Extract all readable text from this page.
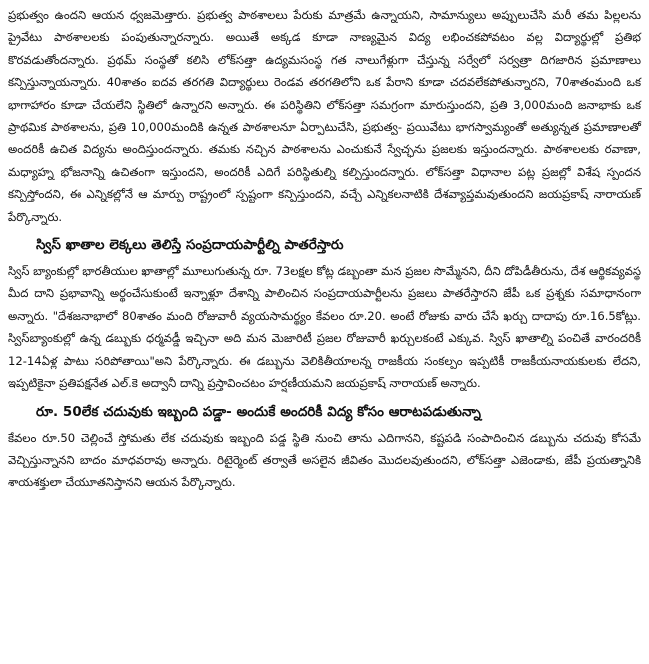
ప్రభుత్వం ఉందని ఆయన ధ్వజమెత్తారు. ప్రభుత్వ పాఠశాలలు పేరుకు మాత్రమే ఉన్నాయని, సామాన్యులు అప్పులుచేసి మరీ తమ పిల్లలను ప్రైవేటు పాఠశాలలకు పంపుతున్నారన్నారు. అయితే అక్కడ కూడా నాణ్యమైన విద్య లభించకపోవటం వల్ల విద్యార్థుల్లో ప్రతిభ కొరవడుతోందన్నారు. ప్రథమ్ సంస్థతో కలిసి లోక్‌సత్తా ఉద్యమసంస్థ గత నాలుగేళ్లుగా చేస్తున్న సర్వేలో సర్వత్రా దిగజారిన ప్రమాణాలు కన్పిస్తున్నాయన్నారు. 40శాతం ఐదవ తరగతి విద్యార్థులు రెండవ తరగతిలోని ఒక పేరాని కూడా చదవలేకపోతున్నారని, 70శాతంమంది ఒక భాగాహారం కూడా చేయలేని స్థితిలో ఉన్నారని అన్నారు. ఈ పరిస్థితిని లోక్‌సత్తా సమగ్రంగా మారుస్తుందని, ప్రతి 3,000మంది జనాభాకు ఒక ప్రాథమిక పాఠశాలను, ప్రతి 10,000మందికి ఉన్నత పాఠశాలనూ ఏర్పాటుచేసి, ప్రభుత్వ- ప్రయివేటు భాగస్వామ్యంతో అత్యున్నత ప్రమాణాలతో అందరికీ ఉచిత విద్యను అందిస్తుందన్నారు. తమకు నచ్చిన పాఠశాలను ఎంచుకునే స్వేచ్ఛను ప్రజలకు ఇస్తుందన్నారు. పాఠశాలలకు రవాణా, మధ్యాహ్న భోజనాన్ని ఉచితంగా ఇస్తుందని, అందరికీ ఎదిగే పరిస్థితుల్ని కల్పిస్తుందన్నారు. లోక్‌సత్తా విధానాల పట్ల ప్రజల్లో విశేష స్పందన కన్పిస్తోందని, ఈ ఎన్నికల్లోనే ఆ మార్పు రాష్ట్రంలో స్పష్టంగా కన్పిస్తుందని, వచ్చే ఎన్నికలనాటికి దేశవ్యాప్తమవుతుందని జయప్రకాష్ నారాయణ్ పేర్కొన్నారు.

స్విస్ ఖాతాల లెక్కలు తెలిస్తే సంప్రదాయపార్టీల్ని పాతరేస్తారు

స్విస్ బ్యాంకుల్లో భారతీయుల ఖాతాల్లో మూలుగుతున్న రూ. 73లక్షల కోట్ల డబ్బంతా మన ప్రజల సొమ్మేనని, దీని దోపిడీతీరును, దేశ ఆర్థికవ్యవస్థ మీద దాని ప్రభావాన్ని అర్థంచేసుకుంటే ఇన్నాళ్లూ దేశాన్ని పాలించిన సంప్రదాయపార్టీలను ప్రజలు పాతరేస్తారని జేపీ ఒక ప్రశ్నకు సమాధానంగా అన్నారు. "దేశజనాభాలో 80శాతం మంది రోజువారీ వ్యయసామర్థ్యం కేవలం రూ.20. అంటే రోజుకు వారు చేసే ఖర్చు దాదాపు రూ.16.5కోట్లు. స్విస్‌బ్యాంకుల్లో ఉన్న డబ్బుకు ధర్మవడ్డీ ఇచ్చినా అది మన మెజారిటీ ప్రజల రోజువారీ ఖర్చులకంటే ఎక్కువ. స్విస్ ఖాతాల్ని పంచితే వారందరికీ 12-14ఏళ్ల పాటు సరిపోతాయి"అని పేర్కొన్నారు. ఈ డబ్బును వెలికితీయాలన్న రాజకీయ సంకల్పం ఇప్పటికీ రాజకీయనాయకులకు లేదని, ఇప్పటికైనా ప్రతిపక్షనేత ఎల్.కె అద్వానీ దాన్ని ప్రస్తావించటం హర్షణీయమని జయప్రకాష్ నారాయణ్ అన్నారు.

రూ. 50లేక చదువుకు ఇబ్బంది పడ్డా- అందుకే అందరికీ విద్య కోసం ఆరాటపడుతున్నా

కేవలం రూ.50 చెల్లించే స్తోమతు లేక చదువుకు ఇబ్బంది పడ్డ స్థితి నుంచి తాను ఎదిగానని, కష్టపడి సంపాదించిన డబ్బును చదువు కోసమే వెచ్చిస్తున్నానని బాదం మాధవరావు అన్నారు. రిటైర్మెంట్ తర్వాతే అసలైన జీవితం మొదలవుతుందని, లోక్‌సత్తా ఎజెండాకు, జేపీ ప్రయత్నానికి శాయశక్తులా చేయూతనిస్తానని ఆయన పేర్కొన్నారు.
